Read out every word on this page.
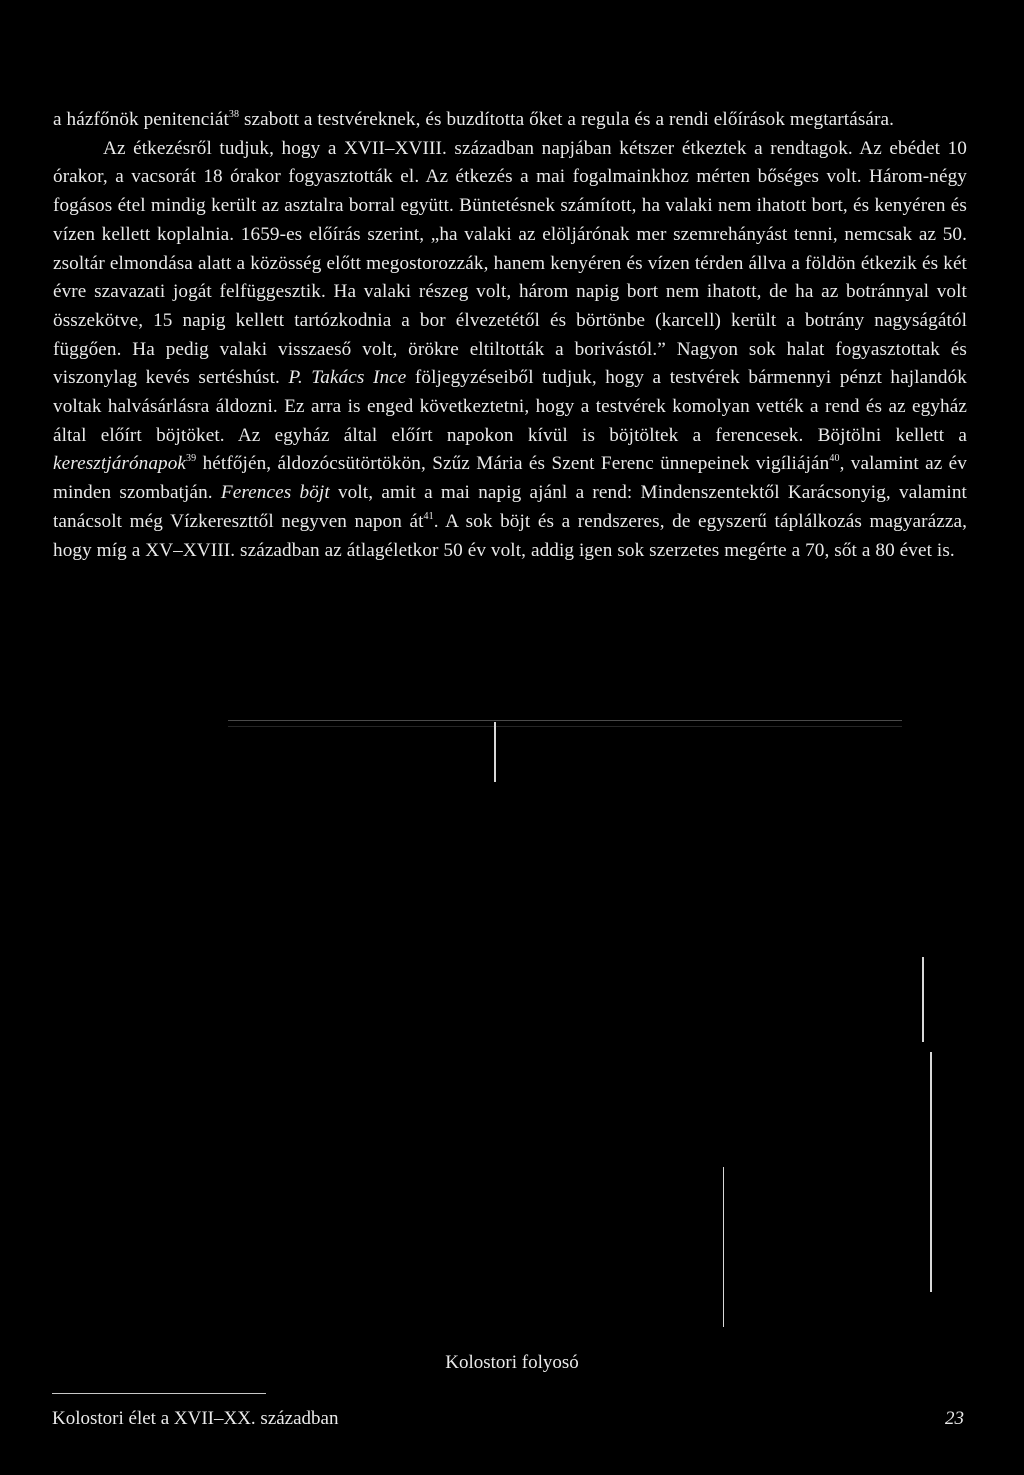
a házfőnök penitenciát$^{38}$ szabott a testvéreknek, és buzdította őket a regula és a rendi előírások megtartására.

Az étkezésről tudjuk, hogy a XVII–XVIII. században napjában kétszer étkeztek a rendtagok. Az ebédet 10 órakor, a vacsorát 18 órakor fogyasztották el. Az étkezés a mai fogalmainkhoz mérten bőséges volt. Három-négy fogásos étel mindig került az asztalra borral együtt. Büntetésnek számított, ha valaki nem ihatott bort, és kenyéren és vízen kellett koplalnia. 1659-es előírás szerint, „ha valaki az elöljárónak mer szemrehányást tenni, nemcsak az 50. zsoltár elmondása alatt a közösség előtt megostorozzák, hanem kenyéren és vízen térden állva a földön étkezik és két évre szavazati jogát felfüggesztik. Ha valaki részeg volt, három napig bort nem ihatott, de ha az botránnyal volt összekötve, 15 napig kellett tartózkodnia a bor élvezetétől és börtönbe (karcell) került a botrány nagyságától függően. Ha pedig valaki visszaeső volt, örökre eltiltották a borivástól.” Nagyon sok halat fogyasztottak és viszonylag kevés sertéshúst. P. Takács Ince följegyzéseiből tudjuk, hogy a testvérek bármennyi pénzt hajlandók voltak halvásárlásra áldozni. Ez arra is enged következtetni, hogy a testvérek komolyan vették a rend és az egyház által előírt böjtöket. Az egyház által előírt napokon kívül is böjtöltek a ferencesek. Böjtölni kellett a keresztjárónapok$^{39}$ hétfőjén, áldozócsütörtökön, Szűz Mária és Szent Ferenc ünnepeinek vigíliáján$^{40}$, valamint az év minden szombatján. Ferences böjt volt, amit a mai napig ajánl a rend: Mindenszentektől Karácsonyig, valamint tanácsolt még Vízkereszttől negyven napon $át^{41}$. A sok böjt és a rendszeres, de egyszerű táplálkozás magyarázza, hogy míg a XV–XVIII. században az átlagéletkor 50 év volt, addig igen sok szerzetes megérte a 70, sőt a 80 évet is.

Kolostori folyosó
Kolostori élet a XVII–XX. században	23
